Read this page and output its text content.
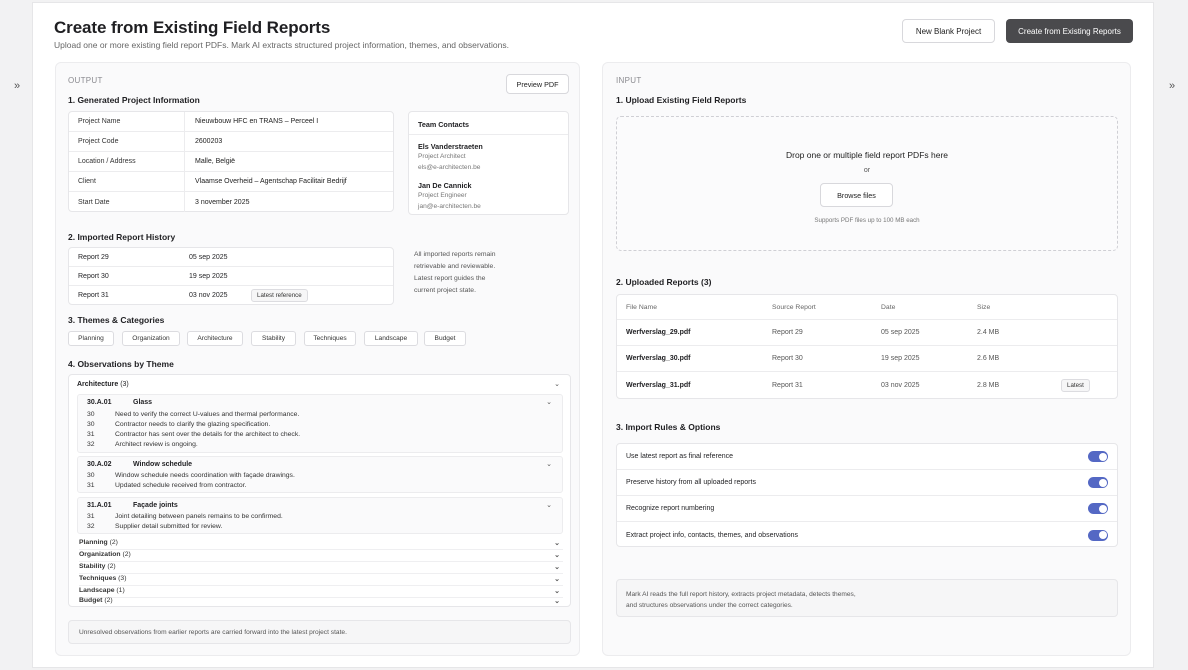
»	»
Create from Existing Field Reports
Upload one or more existing field report PDFs. Mark AI extracts structured project information, themes, and observations.
New Blank Project	Create from Existing Reports
OUTPUT	Preview PDF
1. Generated Project Information
Project Name	Nieuwbouw HFC en TRANS – Perceel I
Project Code	2600203
Location / Address	Malle, België
Client	Vlaamse Overheid – Agentschap Facilitair Bedrijf
Start Date	3 november 2025
Team Contacts
Els Vanderstraeten
Project Architect
els@e-architecten.be
Jan De Cannick
Project Engineer
jan@e-architecten.be
2. Imported Report History
Report 29	05 sep 2025
Report 30	19 sep 2025
Report 31	03 nov 2025	Latest reference
All imported reports remain
retrievable and reviewable.
Latest report guides the
current project state.
3. Themes & Categories
Planning	Organization	Architecture	Stability	Techniques	Landscape	Budget
4. Observations by Theme
Architecture (3)	⌄
30.A.01	Glass	⌄
30	Need to verify the correct U-values and thermal performance.
30	Contractor needs to clarify the glazing specification.
31	Contractor has sent over the details for the architect to check.
32	Architect review is ongoing.
30.A.02	Window schedule	⌄
30	Window schedule needs coordination with façade drawings.
31	Updated schedule received from contractor.
31.A.01	Façade joints	⌄
31	Joint detailing between panels remains to be confirmed.
32	Supplier detail submitted for review.
Planning (2)	⌄
Organization (2)	⌄
Stability (2)	⌄
Techniques (3)	⌄
Landscape (1)	⌄
Budget (2)	⌄
Unresolved observations from earlier reports are carried forward into the latest project state.
INPUT
1. Upload Existing Field Reports
Drop one or multiple field report PDFs here
or
Browse files
Supports PDF files up to 100 MB each
2. Uploaded Reports (3)
File Name	Source Report	Date	Size
Werfverslag_29.pdf	Report 29	05 sep 2025	2.4 MB
Werfverslag_30.pdf	Report 30	19 sep 2025	2.6 MB
Werfverslag_31.pdf	Report 31	03 nov 2025	2.8 MB	Latest
3. Import Rules & Options
Use latest report as final reference
Preserve history from all uploaded reports
Recognize report numbering
Extract project info, contacts, themes, and observations
Mark AI reads the full report history, extracts project metadata, detects themes,
and structures observations under the correct categories.
